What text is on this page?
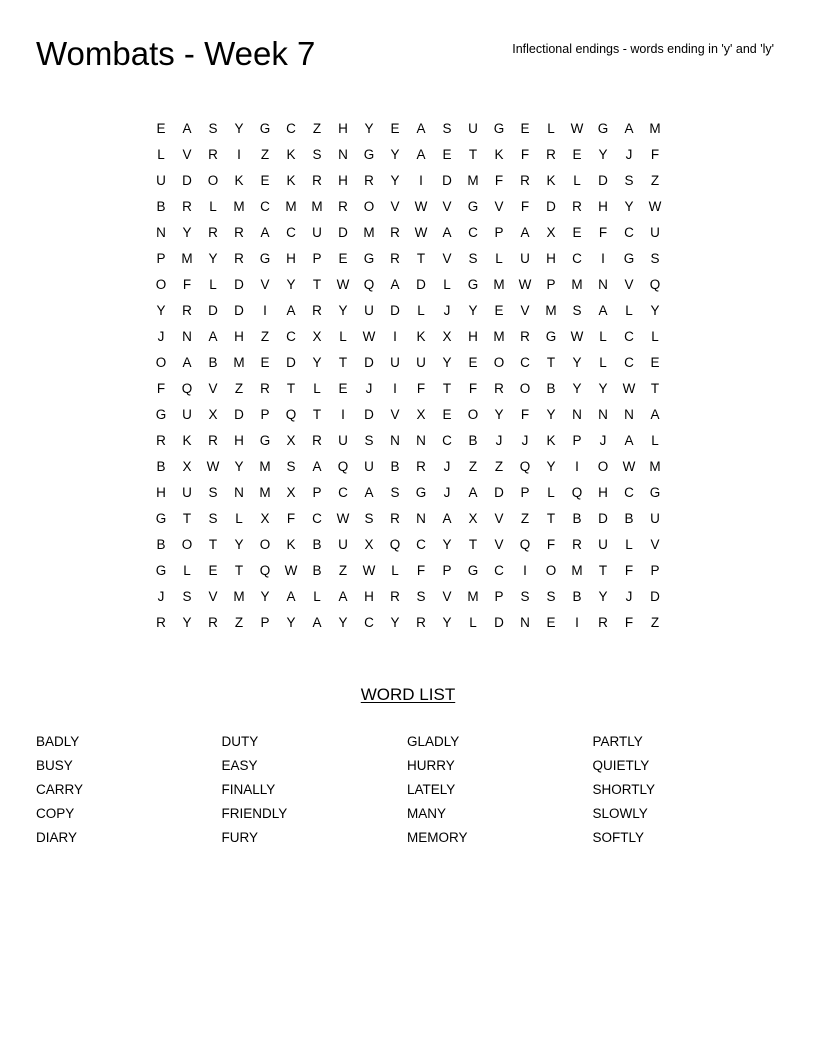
Wombats - Week 7	Inflectional endings - words ending in 'y' and 'ly'
E	A	S	Y	G	C	Z	H	Y	E	A	S	U	G	E	L	W	G	A	M
L	V	R	I	Z	K	S	N	G	Y	A	E	T	K	F	R	E	Y	J	F
U	D	O	K	E	K	R	H	R	Y	I	D	M	F	R	K	L	D	S	Z
B	R	L	M	C	M	M	R	O	V	W	V	G	V	F	D	R	H	Y	W
N	Y	R	R	A	C	U	D	M	R	W	A	C	P	A	X	E	F	C	U
P	M	Y	R	G	H	P	E	G	R	T	V	S	L	U	H	C	I	G	S
O	F	L	D	V	Y	T	W	Q	A	D	L	G	M	W	P	M	N	V	Q
Y	R	D	D	I	A	R	Y	U	D	L	J	Y	E	V	M	S	A	L	Y
J	N	A	H	Z	C	X	L	W	I	K	X	H	M	R	G	W	L	C	L
O	A	B	M	E	D	Y	T	D	U	U	Y	E	O	C	T	Y	L	C	E
F	Q	V	Z	R	T	L	E	J	I	F	T	F	R	O	B	Y	Y	W	T
G	U	X	D	P	Q	T	I	D	V	X	E	O	Y	F	Y	N	N	N	A
R	K	R	H	G	X	R	U	S	N	N	C	B	J	J	K	P	J	A	L
B	X	W	Y	M	S	A	Q	U	B	R	J	Z	Z	Q	Y	I	O	W	M
H	U	S	N	M	X	P	C	A	S	G	J	A	D	P	L	Q	H	C	G
G	T	S	L	X	F	C	W	S	R	N	A	X	V	Z	T	B	D	B	U
B	O	T	Y	O	K	B	U	X	Q	C	Y	T	V	Q	F	R	U	L	V
G	L	E	T	Q	W	B	Z	W	L	F	P	G	C	I	O	M	T	F	P
J	S	V	M	Y	A	L	A	H	R	S	V	M	P	S	S	B	Y	J	D
R	Y	R	Z	P	Y	A	Y	C	Y	R	Y	L	D	N	E	I	R	F	Z
WORD LIST
BADLY
BUSY
CARRY
COPY
DIARY
DUTY
EASY
FINALLY
FRIENDLY
FURY
GLADLY
HURRY
LATELY
MANY
MEMORY
PARTLY
QUIETLY
SHORTLY
SLOWLY
SOFTLY
